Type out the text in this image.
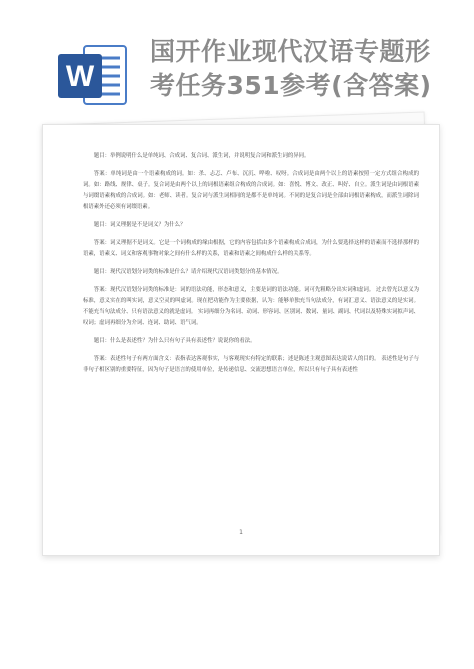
W
国开作业现代汉语专题形考任务351参考(含答案)

题目：举例说明什么是单纯词、合成词、复合词、派生词，并说明复合词和派生词的异同。

答案：单纯词是由一个语素构成的词。如：杀、忐忑、卢布、沉沉、哗啦、叹呀。合成词是由两个以上的语素按照一定方式组合构成的词。如：路线、规律、桌子。复合词是由两个以上的词根语素组合构成的合成词。如：喜悦、博文、改正、叫好、自立。派生词是由词根语素与词缀语素构成的合成词。如：老师、读者。复合词与派生词相同的是都不是单纯词。不同的是复合词是全部由词根语素构成，而派生词除词根语素外还必须有词缀语素。

题目：词义理据是不是词义？为什么？

答案：词义理据不是词义。它是一个词构成的缘由根据，它的内容包括由多个语素构成合成词，为什么要选择这样的语素而不选择那样的语素，语素义、词义和客观事物对象之间有什么样的关系，语素和语素之间构成什么样的关系等。

题目：现代汉语划分词类的标准是什么？请介绍现代汉语词类划分的基本情况。

答案：现代汉语划分词类的标准是：词的语法功能，形态和意义，主要是词的语法功能。词可先粗略分出实词和虚词。 过去曾光以意义为标准，意义实在的叫实词，意义空灵的叫虚词。现在把功能作为主要依据，认为：能够单独充当句法成分，有词汇意义、语法意义的是实词。不能充当句法成分、只有语法意义的就是虚词。 实词再细分为名词、动词、形容词、区别词、数词、量词、副词、代词以及特殊实词拟声词、叹词；虚词再细分为介词、连词、助词、语气词。

题目：什么是表述性？为什么只有句子具有表述性？说说你的看法。

答案：表述性句子有两方面含义：表指表达客观事实，与客观现实有特定的联系；述是陈述主观意图表达说话人的目的。 表述性是句子与非句子相区别的重要特征，因为句子是语言的使用单位，是传递信息、交流思想语言单位，所以只有句子具有表述性

1
